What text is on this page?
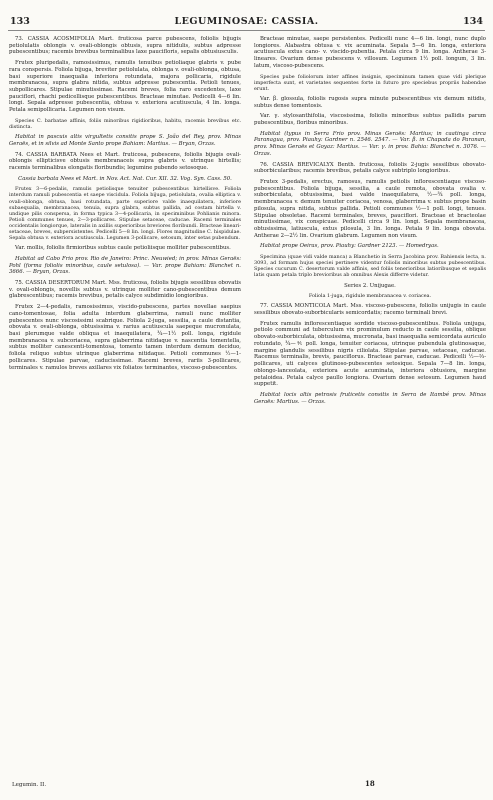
133	LEGUMINOSAE: CASSIA.	134

73. CASSIA ACOSMIFOLIA Mart. fruticosa parce pubescens, foliolis bijugis petiolulatis oblongis v. ovali-oblongis obtusis, supra nitidulis, subtus adpresse pubescentibus; racemis brevibus terminalibus laxe paucifloris, sepalis obtusiusculis.

Frutex pluripedalis, ramosissimus, ramulis tenuibus petioliaque glabris v. pube rara conspersis. Foliola bijuga, breviter petiolulata, oblonga v. ovali-oblonga, obtusa, basi superiore inaequalia inferiora rotundata, majora pollicaria, rigidule membranacea, supra glabra nitida, subtus adpresse pubescentia. Petioli tenues, subpollicares. Stipulae minutissimae. Racemi breves, folia raro excedentes, laxe pauciflori, rhachi pedicellisque pubescentibus. Bracteae minutae. Pedicelli 4—6 lin. longi. Sepala adpresse pubescentia, obtusa v. exteriora acutiuscula, 4 lin. longa. Petala semipollicaria. Legumen non visum.

Species C. barbatae affinis, foliis minoribus rigidioribus, habitu, racemis brevibus etc. distincta.

Habitat in pascuis altis virgultetis consitis prope S. João del Rey, prov. Minas Geraës, et in silvis ad Monte Santo prope Bahiam: Martius. — Bryan, Orzas.

74. CASSIA BARBATA Nees et Mart. fruticosa, pubescens, foliolis bijugis ovali-oblongis ellipticisve obtusis membranaceis supra glabris v. utrinque hirtellis; racemis terminalibus elongatis floribundis; leguminе pubendo setosoque.

Cassia barbata Nees et Mart. in Nov. Act. Nat. Cur. XII. 32. Vog. Syn. Cass. 50.

Frutex 3—6-pedalis, ramulis petiolisque tenuiter pubescentibus hirtellisve. Foliola interdum ramuli pubescentia et saepe viscidula. Foliola bijuga, petiolulata, ovalia elliptica v. ovali-oblonga, obtusa, basi rotundata, parte superiore valde inaequilatera, inferiore subaequalia, membranacea, tenuia, supra glabra, subtus pallida, ad costam hirtella v. undique pilis conspersa, in forma typica 3—4-pollicaria, in speciminibus Pohlianis minora. Petioli communes tenues, 2—3-pollicares. Stipulae setaceae, caducae. Racemi terminales occidentalis longiorque, lateralis in axillis superioribus breviores floribundi. Bracteae lineari-setaceae, breves, subpersistentes. Pedicelli 5—8 lin. longi. Flores magnitudine C. hispidulae. Sepala obtusa v. exteriora acutiuscula. Legumen 3-pollicare, setosum, inter setas pubendum.

Var. mollis, foliolis firmioribus subtus caule petioliisque molliter pubescentibus.

Habitat ad Cabo Frio prov. Rio de Janeiro: Princ. Neuwied; in prov. Minas Geraës: Pohl (forma foliolis minoribus, caule setulosa). — Var. prope Bahiam: Blanchet n. 3666. — Bryan, Orzas.

75. CASSIA DESERTORUM Mart. Mss. fruticosa, foliolis bijugis sessilibus obovatis v. ovali-oblongis, novellis subtus v. utrinque molliter cano-pubescentibus demum glabrescentibus; racemis brevibus, petalis calyce subdimidio longioribus.

Frutex 2—4-pedalis, ramosissimus, viscido-pubescens, partes novellae saepius cano-tomentosae, folia adulta interdum glaberrima, ramuli nunc molliter pubescentes nunc viscosissimi scabrique. Foliola 2-juga, sessilia, a caule distantia, obovata v. ovali-oblonga, obtusissima v. rarius acutiuscula saepeque mucronulata, basi plerumque valde obliqua et inaequilatera, ¾—1½ poll. longa, rigidule membranacea v. subcoriacea, supra glaberrima nitidaque v. nascentia tomentella, subtus molliter canescenti-tomentosa, tomento tamen interdum demum deciduo, foliola reliquo subtus utrinque glaberrima nitidaque. Petioli communes ½—1-pollicares. Stipulae parvae, caducissimae. Racemi breves, rariis 3-pollicares, terminales v. ramulos breves axillares vix foliatos terminantes, viscoso-pubescentes.

Bracteae minutae, saepe persistentes. Pedicelli nunc 4—6 lin. longi, nunc duplo longiores. Alabastra obtusa v. vix acuminata. Sepala 5—6 lin. longa, exteriora acutiuscula extus cano- v. viscido-pubentia. Petala circa 9 lin. longa. Antherae 3-lineares. Ovarium dense pubescens v. villosum. Legumen 1½ poll. longum, 3 lin. latum, viscoso-pubescens.

Species pube foliolorum inter affines insignis, speciminum tamen quae vidi plerique imperfecta sunt, et varietates sequentes forte in futuro pro speciebus propriis habendae erunt.

Var. β. glossula, foliolis rugosis supra minute pubescentibus vix demum nitidis, subtus dense tomentosis.

Var. γ. stylosanthifolia, viscosissima, foliolis minoribus subtus pallidis parum pubescentibus, floribus minoribus.

Habitat (typus in Serra Frio prov. Minas Geraës: Martius; in caatinga circa Paranagua, prov. Piauhy: Gardner n. 2546. 2547. — Var. β. in Chapada do Paranan, prov. Minas Geraës et Goyaz: Martius. — Var. γ. in prov. Bahia: Blanchet n. 3076. — Orzas.

76. CASSIA BREVICALYX Benth. fruticosa, foliolis 2-jugis sessilibus obovato-suborbicularibus; racemis brevibus, petalis calyce subtriplo longioribus.

Frutex 3-pedalis, erectus, ramosus, ramulis petiolis inflorescentiaque viscoso-pubescentibus. Foliola bijuga, sessilia, a caule remota, obovata ovalia v. suborbiculata, obtusissima, basi valde inaequilatera, ½—¾ poll. longa, membranacea v. demum tenuiter coriacea, venosa, glaberrima v. subtus prope basin pilosula, supra nitida, subtus pallida. Petioli communes ½—1 poll. longi, tenues. Stipulae obsoletae. Racemi terminales, breves, pauciflori. Bracteae et bracteolae minutissimae, vix conspicuae. Pedicelli circa 9 lin. longi. Sepala membranacea, obtusissima, latiuscula, extus pilosula, 3 lin. longa. Petala 9 lin. longa obovata. Antherae 2—2½ lin. Ovarium glabrum. Legumen non visum.

Habitat prope Oeiras, prov. Piauhy: Gardner 2123. — Homedryas.

Specimina (quae vidi valde manca) a Blanchetio in Serra Jacobina prov. Bahiensis lecta, n. 3093, ad formam hujus speciei pertinere videntur foliolis minoribus subtus pubescentibus. Species cucurum C. desertorum valde affinis, sed foliis tenerioribus latioribusque et sepalis latis quam petala triplo brevioribus ab omnibus Alexis differre videtur.

Series 2. Unijugae.

Foliola 1-juga, rigidule membranacea v. coriacea.

77. CASSIA MONTICOLA Mart. Mss. viscoso-pubescens, foliolis unijugis in caule sessilibus obovato-suborbicularis semicordatis; racemo terminali brevi.

Frutex ramulis inflorescentiaque sordide viscoso-pubescentibus. Foliola unijuga, petiolo communi ad tuberculum vix prominulum reducto in caule sessilia, oblique obovato-suborbiculata, obtusissima, mucronata, basi inaequalia semicordata auriculo rotundato, ¾—⅘ poll. longa, tenuiter coriacea, utrinque pubendula glutinosaque, margine glandulis sessilibus nigris ciliolata. Stipulae parvae, setaceae, caducae. Racemus terminalis, brevis, pauciflorus. Bracteae parvae, caducae. Pedicelli ½—⅔-pollicares, uti calyces glutinoso-pubescentes setosique. Sepala 7—8 lin. longa, oblongo-lanceolata, exteriora acute acuminata, interiora obtusiora, margine petaloidea. Petala calyce paullo longiora. Ovarium dense setosum. Legumen haud suppetit.

Habitat locis altis petrosis fruticetis consitis in Serra de Itambé prov. Minas Geraës: Martius. — Orzas.

Legumin. II.	18
